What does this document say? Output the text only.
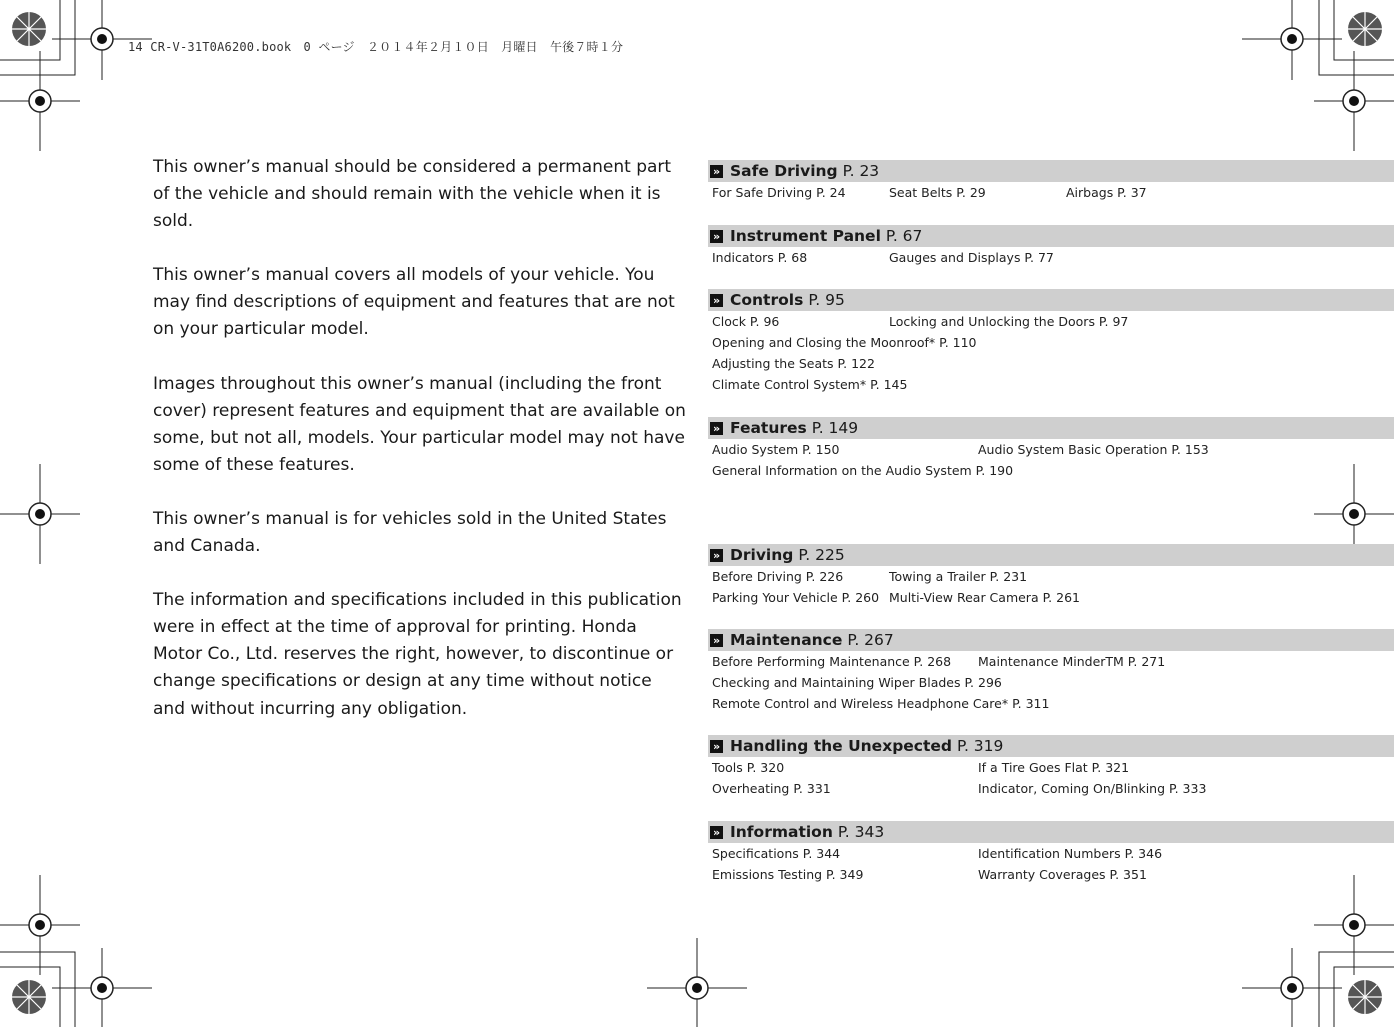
14 CR-V-31T0A6200.book　0 ページ　２０１４年２月１０日　月曜日　午後７時１分

This owner’s manual should be considered a permanent part of the vehicle and should remain with the vehicle when it is sold.

This owner’s manual covers all models of your vehicle. You may find descriptions of equipment and features that are not on your particular model.

Images throughout this owner’s manual (including the front cover) represent features and equipment that are available on some, but not all, models. Your particular model may not have some of these features.

This owner’s manual is for vehicles sold in the United States and Canada.

The information and specifications included in this publication were in effect at the time of approval for printing. Honda Motor Co., Ltd. reserves the right, however, to discontinue or change specifications or design at any time without notice and without incurring any obligation.

» Safe Driving P. 23
For Safe Driving P. 24	Seat Belts P. 29	Airbags P. 37
» Instrument Panel P. 67
Indicators P. 68	Gauges and Displays P. 77
» Controls P. 95
Clock P. 96	Locking and Unlocking the Doors P. 97
Opening and Closing the Moonroof* P. 110
Adjusting the Seats P. 122
Climate Control System* P. 145
» Features P. 149
Audio System P. 150	Audio System Basic Operation P. 153
General Information on the Audio System P. 190
» Driving P. 225
Before Driving P. 226	Towing a Trailer P. 231
Parking Your Vehicle P. 260 Multi-View Rear Camera P. 261
» Maintenance P. 267
Before Performing Maintenance P. 268 Maintenance MinderTM P. 271
Checking and Maintaining Wiper Blades P. 296
Remote Control and Wireless Headphone Care* P. 311
» Handling the Unexpected P. 319
Tools P. 320	If a Tire Goes Flat P. 321
Overheating P. 331	Indicator, Coming On/Blinking P. 333
» Information P. 343
Specifications P. 344	Identification Numbers P. 346
Emissions Testing P. 349	Warranty Coverages P. 351
